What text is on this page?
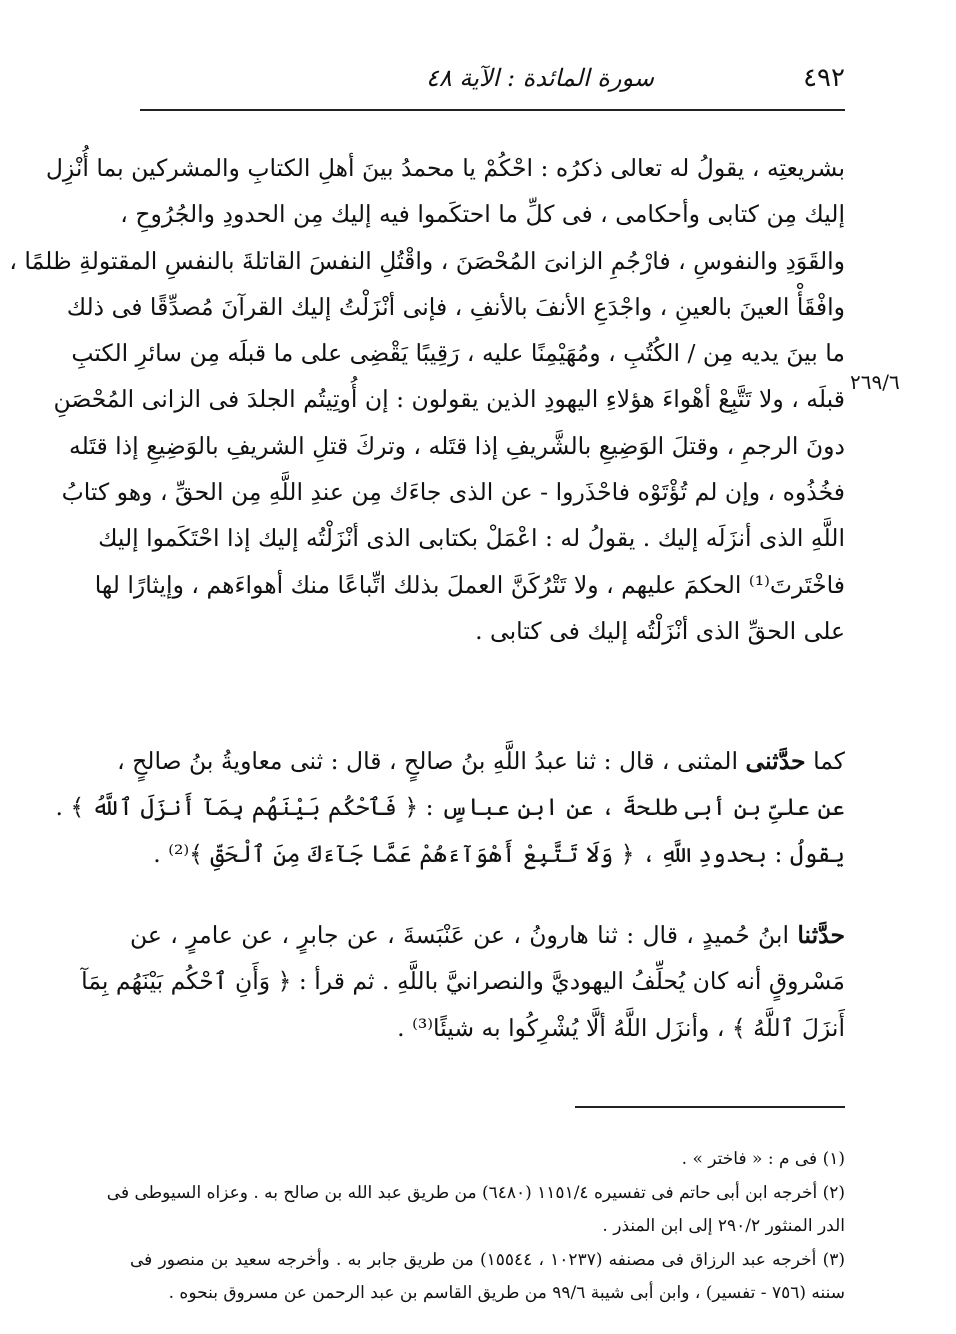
٤٩٢
سورة المائدة : الآية ٤٨
٢٦٩/٦
بشريعتِه ، يقولُ له تعالى ذكرُه : احْكُمْ يا محمدُ بينَ أهلِ الكتابِ والمشركين بما أُنْزِل
إليك مِن كتابى وأحكامى ، فى كلِّ ما احتكَموا فيه إليك مِن الحدودِ والجُرُوحِ ،
والقَوَدِ والنفوسِ ، فارْجُمِ الزانىَ المُحْصَنَ ، واقْتُلِ النفسَ القاتلةَ بالنفسِ المقتولةِ ظلمًا ،
وافْقَأْ العينَ بالعينِ ، واجْدَعِ الأنفَ بالأنفِ ، فإنى أنْزَلْتُ إليك القرآنَ مُصدِّقًا فى ذلك
ما بينَ يديه مِن / الكُتُبِ ، ومُهَيْمِنًا عليه ، رَقِيبًا يَقْضِى على ما قبلَه مِن سائرِ الكتبِ
قبلَه ، ولا تَتَّبِعْ أهْواءَ هؤلاءِ اليهودِ الذين يقولون : إن أُوتِيتُم الجلدَ فى الزانى المُحْصَنِ
دونَ الرجمِ ، وقتلَ الوَضِيعِ بالشَّريفِ إذا قتَله ، وتركَ قتلِ الشريفِ بالوَضِيعِ إذا قتَله
فخُذُوه ، وإن لم تُؤْتَوْه فاحْذَروا - عن الذى جاءَك مِن عندِ اللَّهِ مِن الحقِّ ، وهو كتابُ
اللَّهِ الذى أنزَلَه إليك . يقولُ له : اعْمَلْ بكتابى الذى أنْزَلْتُه إليك إذا احْتَكَموا إليك
فاخْتَرتَ⁽¹⁾ الحكمَ عليهم ، ولا تَتْرُكَنَّ العملَ بذلك اتِّباعًا منك أهواءَهم ، وإيثارًا لها
على الحقِّ الذى أنْزَلْتُه إليك فى كتابى .
كما حدَّثنى المثنى ، قال : ثنا عبدُ اللَّهِ بنُ صالحٍ ، قال : ثنى معاويةُ بنُ صالحٍ ،
عن علىِّ بنِ أبى طلحةَ ، عن ابنِ عباسٍ : ﴿ فَٱحْكُم بَيْنَهُم بِمَآ أَنزَلَ ٱللَّهُ ﴾ .
يقولُ : بحدودِ اللَّهِ ، ﴿ وَلَا تَتَّبِعْ أَهْوَآءَهُمْ عَمَّا جَآءَكَ مِنَ ٱلْحَقِّ ﴾⁽²⁾ .
حدَّثنا ابنُ حُميدٍ ، قال : ثنا هارونُ ، عن عَنْبَسةَ ، عن جابرٍ ، عن عامرٍ ، عن
مَسْروقٍ أنه كان يُحلِّفُ اليهوديَّ والنصرانيَّ باللَّهِ . ثم قرأ : ﴿ وَأَنِ ٱحْكُم بَيْنَهُم بِمَآ
أَنزَلَ ٱللَّهُ ﴾ ، وأنزَل اللَّهُ ألَّا يُشْرِكُوا به شيئًا⁽³⁾ .
(١) فى م : « فاختر » .
(٢) أخرجه ابن أبى حاتم فى تفسيره ١١٥١/٤ (٦٤٨٠) من طريق عبد الله بن صالح به . وعزاه السيوطى فى
الدر المنثور ٢٩٠/٢ إلى ابن المنذر .
(٣) أخرجه عبد الرزاق فى مصنفه (١٠٢٣٧ ، ١٥٥٤٤) من طريق جابر به . وأخرجه سعيد بن منصور فى
سننه (٧٥٦ - تفسير) ، وابن أبى شيبة ٩٩/٦ من طريق القاسم بن عبد الرحمن عن مسروق بنحوه .
